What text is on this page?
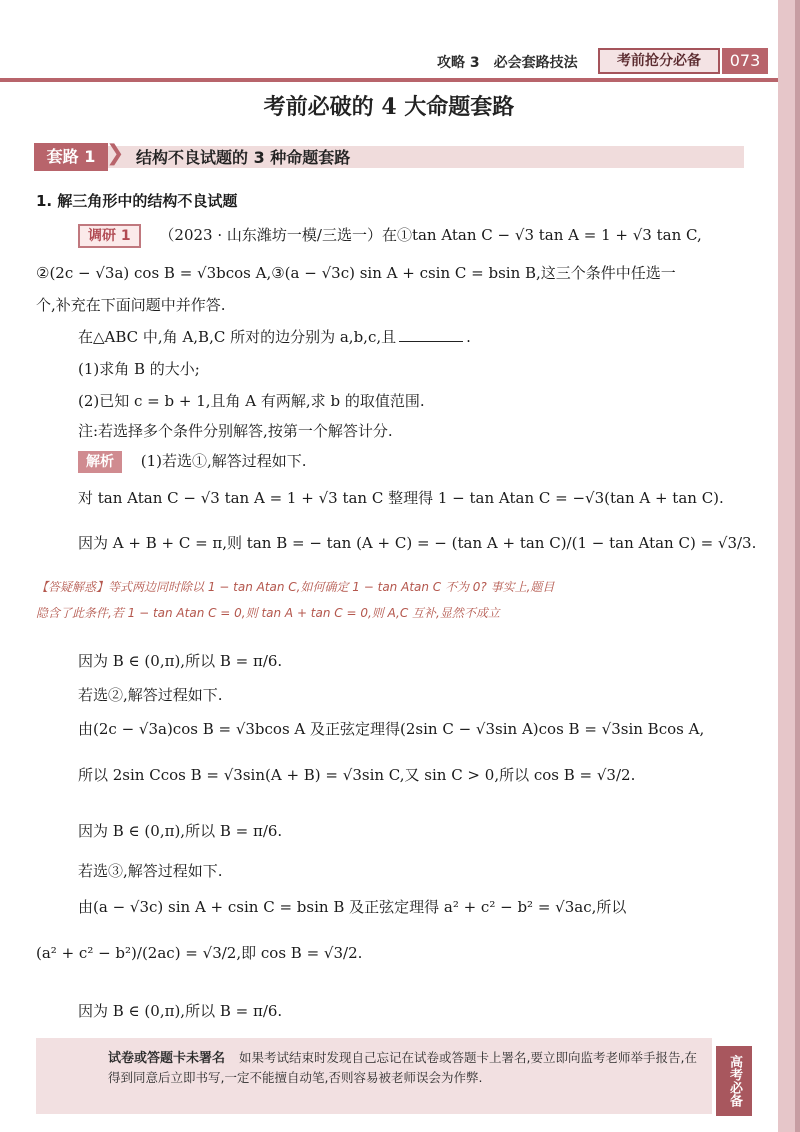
攻略 3　必会套路技法	考前抢分必备	073
考前必破的 4 大命题套路
套路 1 ❯ 结构不良试题的 3 种命题套路
1. 解三角形中的结构不良试题
调研 1 （2023 · 山东潍坊一模/三选一）在①tan Atan C − √3 tan A = 1 + √3 tan C,
②(2c − √3a) cos B = √3bcos A,③(a − √3c) sin A + csin C = bsin B,这三个条件中任选一
个,补充在下面问题中并作答.
在△ABC 中,角 A,B,C 所对的边分别为 a,b,c,且	.
(1)求角 B 的大小;
(2)已知 c = b + 1,且角 A 有两解,求 b 的取值范围.
注:若选择多个条件分别解答,按第一个解答计分.
解析 (1)若选①,解答过程如下.
对 tan Atan C − √3 tan A = 1 + √3 tan C 整理得 1 − tan Atan C = −√3(tan A + tan C).
因为 A + B + C = π,则 tan B = − tan (A + C) = − (tan A + tan C)/(1 − tan Atan C) = √3/3.
【答疑解惑】等式两边同时除以 1 − tan Atan C,如何确定 1 − tan Atan C 不为 0? 事实上,题目
隐含了此条件,若 1 − tan Atan C = 0,则 tan A + tan C = 0,则 A,C 互补,显然不成立
因为 B ∈ (0,π),所以 B = π/6.
若选②,解答过程如下.
由(2c − √3a)cos B = √3bcos A 及正弦定理得(2sin C − √3sin A)cos B = √3sin Bcos A,
所以 2sin Ccos B = √3sin(A + B) = √3sin C,又 sin C > 0,所以 cos B = √3/2.
因为 B ∈ (0,π),所以 B = π/6.
若选③,解答过程如下.
由(a − √3c) sin A + csin C = bsin B 及正弦定理得 a² + c² − b² = √3ac,所以
(a² + c² − b²)/(2ac) = √3/2,即 cos B = √3/2.
因为 B ∈ (0,π),所以 B = π/6.
试卷或答题卡未署名 如果考试结束时发现自己忘记在试卷或答题卡上署名,要立即向监考老师举手报告,在得到同意后立即书写,一定不能擅自动笔,否则容易被老师误会为作弊.	高考必备
